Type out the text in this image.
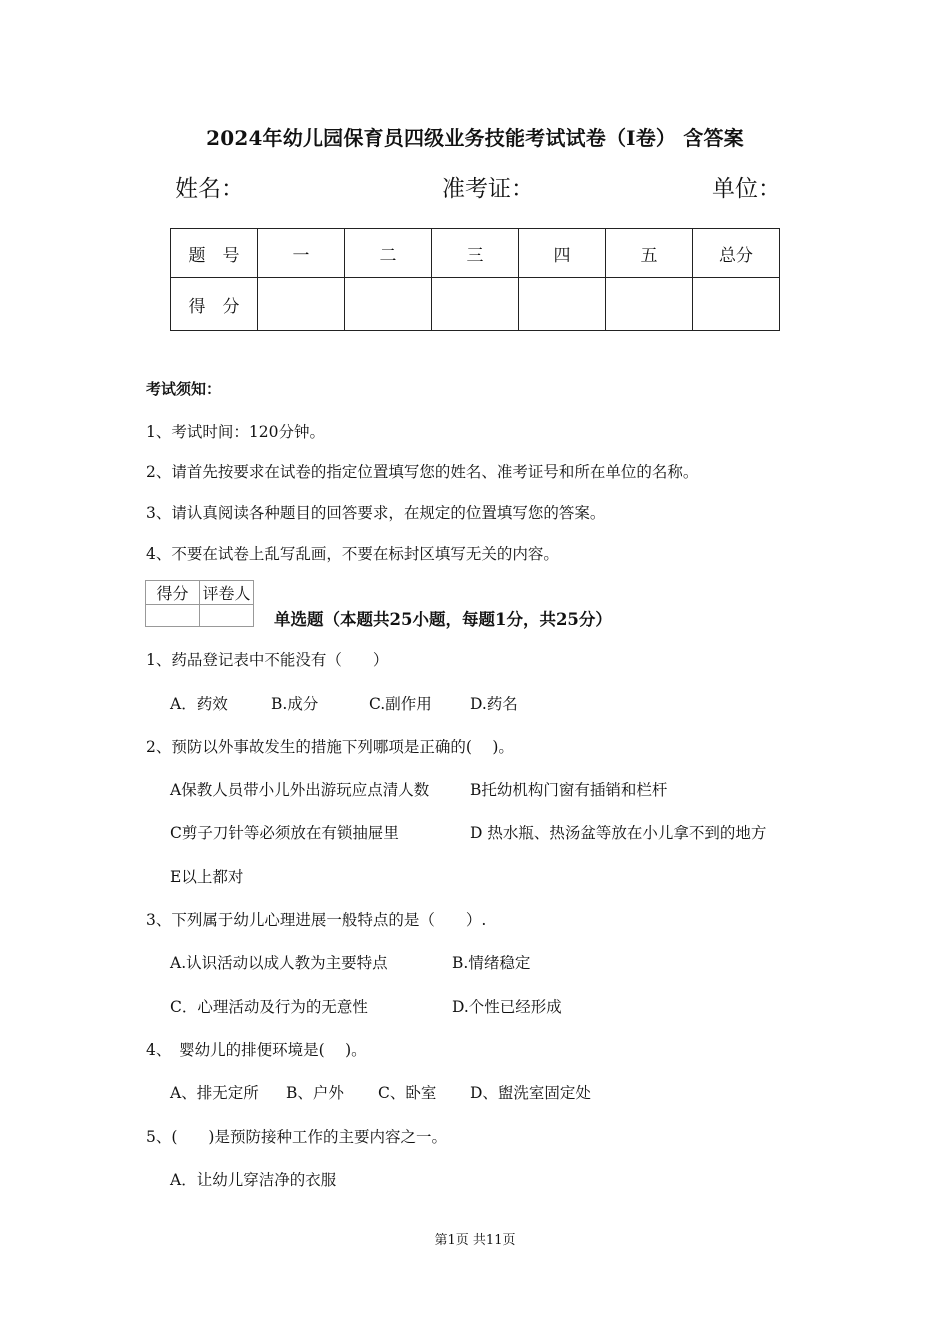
2024年幼儿园保育员四级业务技能考试试卷（I卷） 含答案
姓名：	准考证：	单位：
题　号	一	二	三	四	五	总分
得　分						
考试须知：
1、考试时间：120分钟。
2、请首先按要求在试卷的指定位置填写您的姓名、准考证号和所在单位的名称。
3、请认真阅读各种题目的回答要求，在规定的位置填写您的答案。
4、不要在试卷上乱写乱画，不要在标封区填写无关的内容。
得分	评卷人

单选题（本题共25小题，每题1分，共25分）
1、药品登记表中不能没有（　　）
A．药效	B.成分	C.副作用 D.药名
2、预防以外事故发生的措施下列哪项是正确的(　 )。
A保教人员带小儿外出游玩应点清人数	B托幼机构门窗有插销和栏杆
C剪子刀针等必须放在有锁抽屉里	D 热水瓶、热汤盆等放在小儿拿不到的地方
E以上都对
3、下列属于幼儿心理进展一般特点的是（　　）.
A.认识活动以成人教为主要特点	B.情绪稳定
C．心理活动及行为的无意性	D.个性已经形成
4、　婴幼儿的排便环境是(　 )。
A、排无定所 B、户外 C、卧室 D、盥洗室固定处
5、(　　)是预防接种工作的主要内容之一。
A．让幼儿穿洁净的衣服
第1页 共11页
